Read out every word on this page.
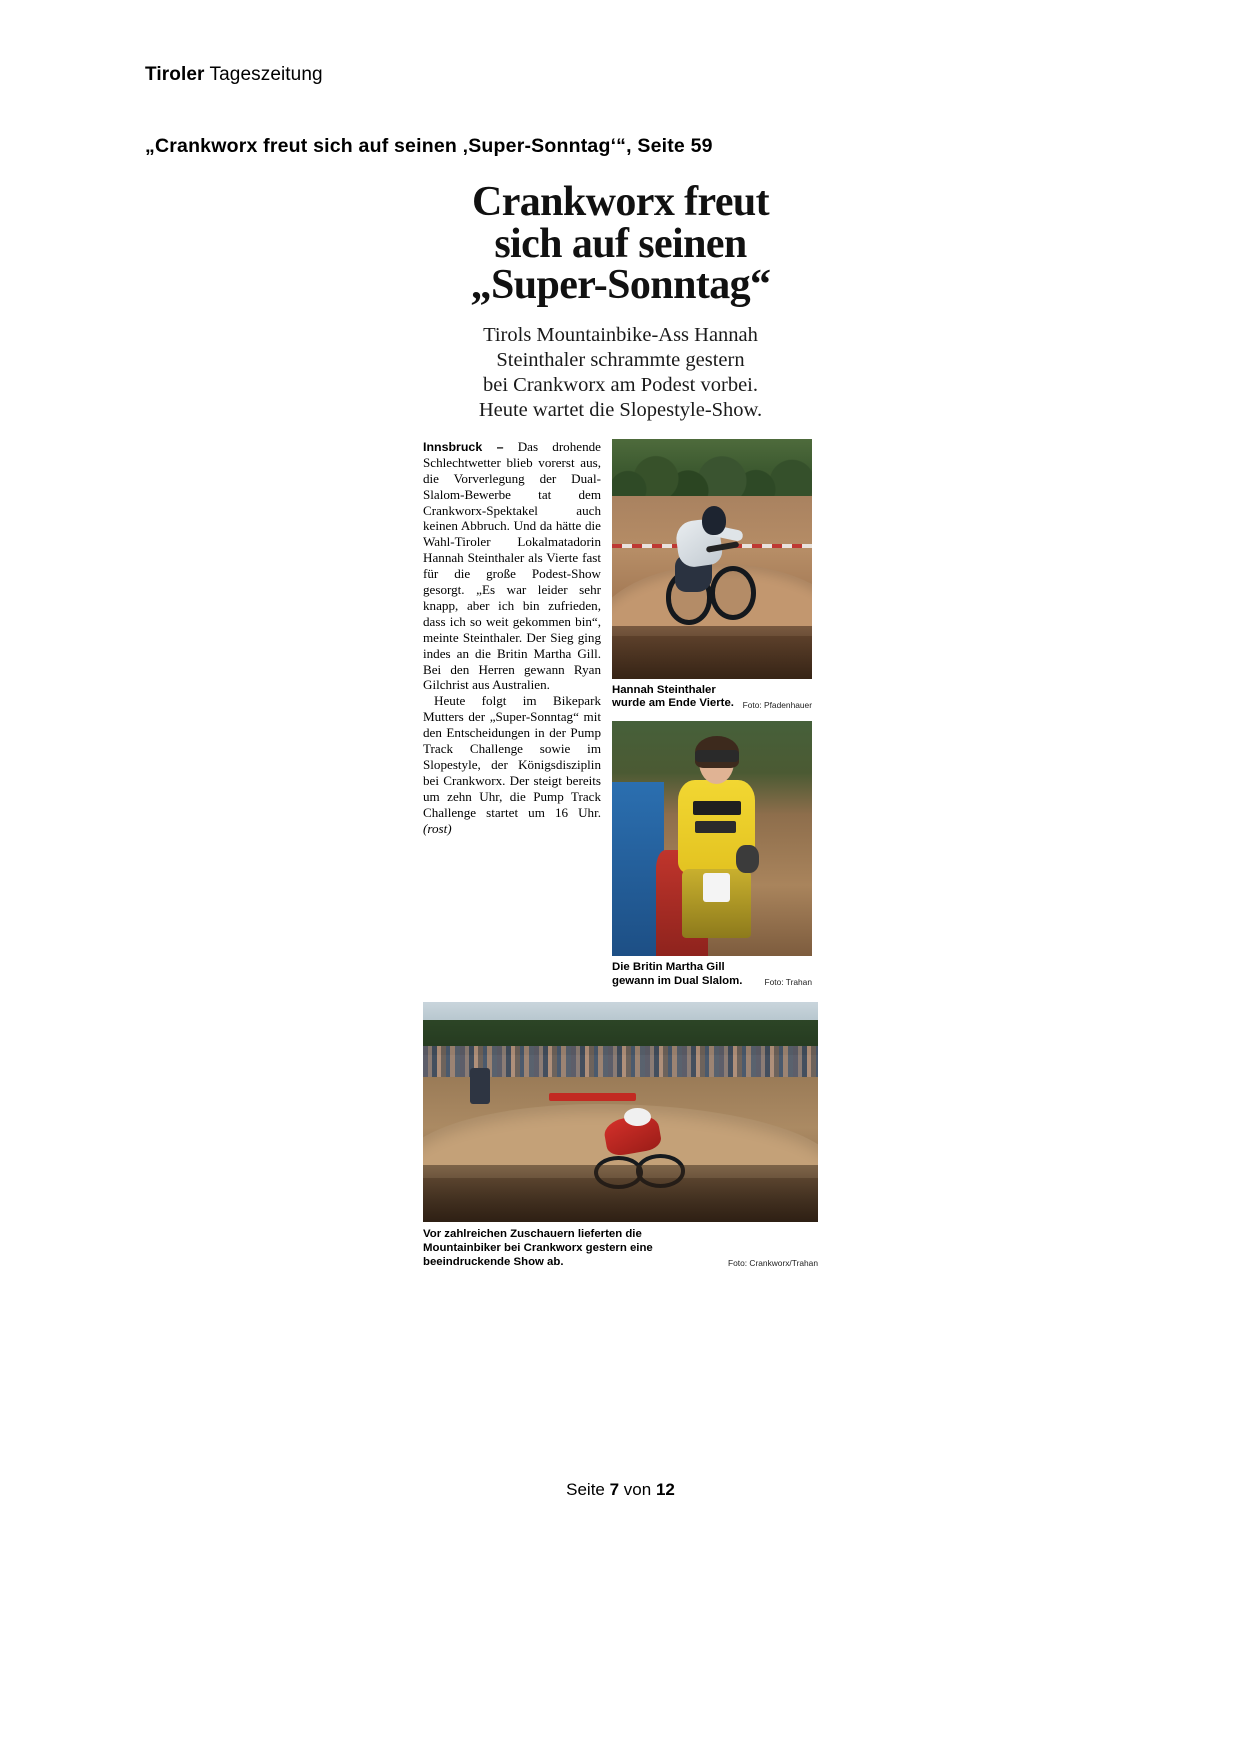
Tiroler Tageszeitung
„Crankworx freut sich auf seinen ‚Super-Sonntag‘“, Seite 59
Crankworx freut
sich auf seinen
„Super-Sonntag“
Tirols Mountainbike-Ass Hannah
Steinthaler schrammte gestern
bei Crankworx am Podest vorbei.
Heute wartet die Slopestyle-Show.

Innsbruck – Das drohende Schlechtwetter blieb vorerst aus, die Vorverlegung der Dual-Slalom-Bewerbe tat dem Crankworx-Spektakel auch keinen Abbruch. Und da hätte die Wahl-Tiroler Lokalmatadorin Hannah Steinthaler als Vierte fast für die große Podest-Show gesorgt. „Es war leider sehr knapp, aber ich bin zufrieden, dass ich so weit gekommen bin“, meinte Steinthaler. Der Sieg ging indes an die Britin Martha Gill. Bei den Herren gewann Ryan Gilchrist aus Australien.

Heute folgt im Bikepark Mutters der „Super-Sonntag“ mit den Entscheidungen in der Pump Track Challenge sowie im Slopestyle, der Königsdisziplin bei Crankworx. Der steigt bereits um zehn Uhr, die Pump Track Challenge startet um 16 Uhr. (rost)

Hannah Steinthaler wurde am Ende Vierte.	Foto: Pfadenhauer
Die Britin Martha Gill gewann im Dual Slalom.	Foto: Trahan
Vor zahlreichen Zuschauern lieferten die Mountainbiker bei Crankworx gestern eine beeindruckende Show ab.	Foto: Crankworx/Trahan
Seite 7 von 12
